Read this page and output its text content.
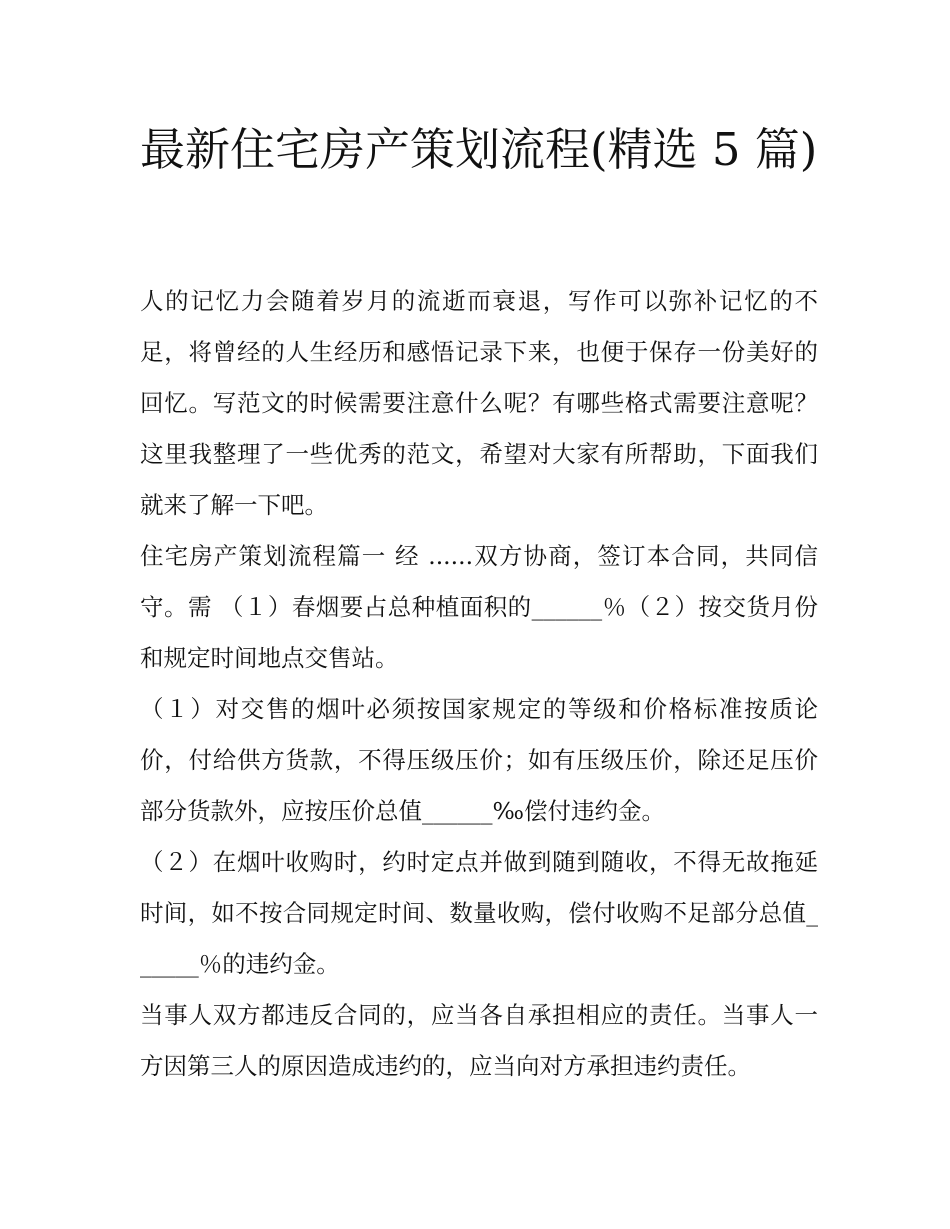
最新住宅房产策划流程(精选 5 篇)

人的记忆力会随着岁月的流逝而衰退，写作可以弥补记忆的不足，将曾经的人生经历和感悟记录下来，也便于保存一份美好的回忆。写范文的时候需要注意什么呢？有哪些格式需要注意呢？这里我整理了一些优秀的范文，希望对大家有所帮助，下面我们就来了解一下吧。

住宅房产策划流程篇一 经 ......双方协商，签订本合同，共同信守。需 （１）春烟要占总种植面积的______％（２）按交货月份和规定时间地点交售站。

（１）对交售的烟叶必须按国家规定的等级和价格标准按质论价，付给供方货款，不得压级压价；如有压级压价，除还足压价部分货款外，应按压价总值______‰偿付违约金。

（２）在烟叶收购时，约时定点并做到随到随收，不得无故拖延时间，如不按合同规定时间、数量收购，偿付收购不足部分总值______％的违约金。

当事人双方都违反合同的，应当各自承担相应的责任。当事人一方因第三人的原因造成违约的，应当向对方承担违约责任。
